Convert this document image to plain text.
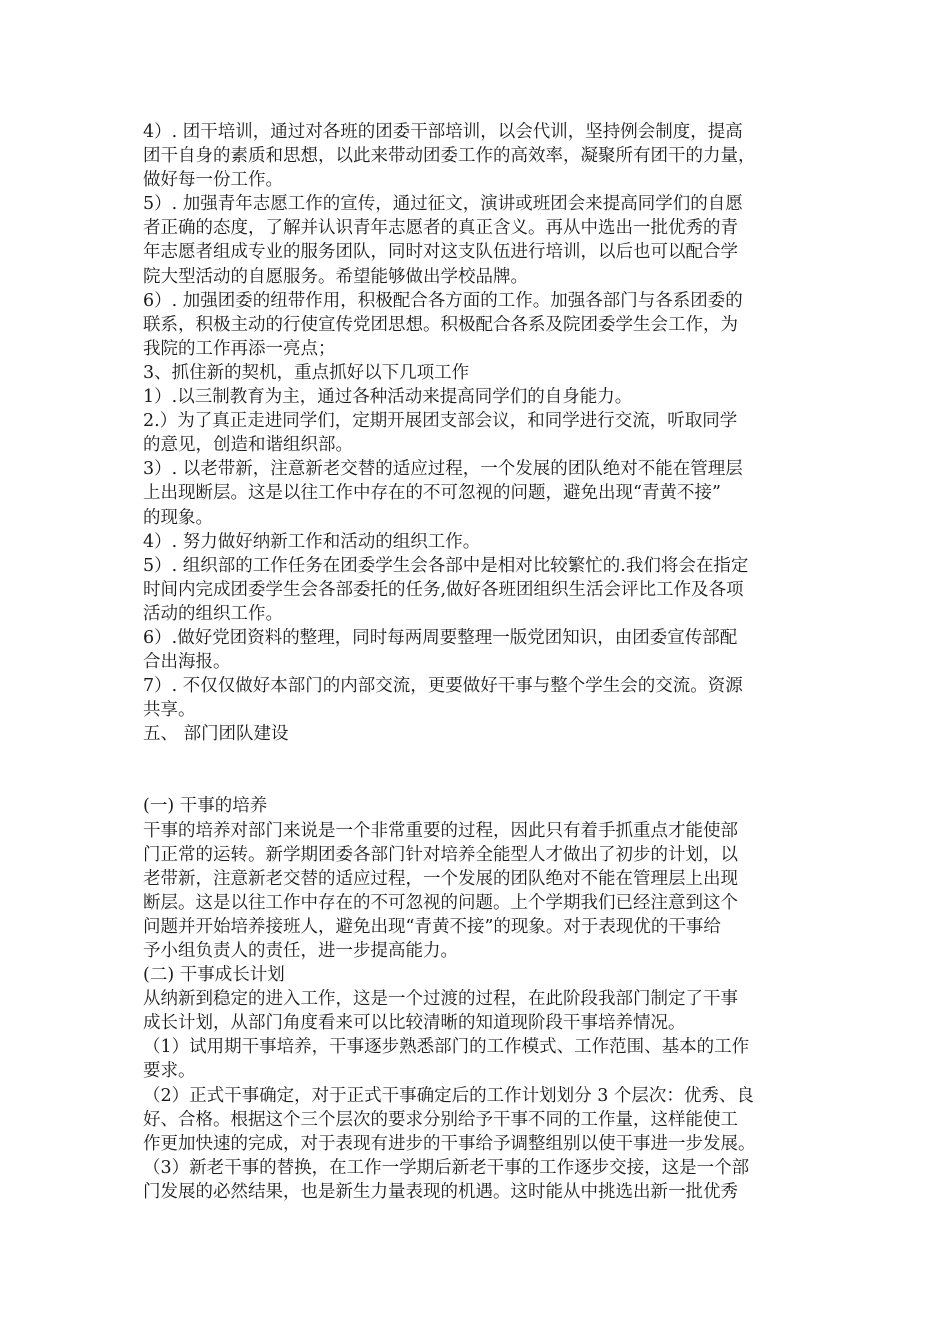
4）. 团干培训，通过对各班的团委干部培训，以会代训，坚持例会制度，提高
团干自身的素质和思想，以此来带动团委工作的高效率，凝聚所有团干的力量，
做好每一份工作。

5）. 加强青年志愿工作的宣传，通过征文，演讲或班团会来提高同学们的自愿
者正确的态度，了解并认识青年志愿者的真正含义。再从中选出一批优秀的青
年志愿者组成专业的服务团队，同时对这支队伍进行培训，以后也可以配合学
院大型活动的自愿服务。希望能够做出学校品牌。

6）. 加强团委的纽带作用，积极配合各方面的工作。加强各部门与各系团委的
联系，积极主动的行使宣传党团思想。积极配合各系及院团委学生会工作，为
我院的工作再添一亮点；

3、抓住新的契机，重点抓好以下几项工作

1）.以三制教育为主，通过各种活动来提高同学们的自身能力。

2.）为了真正走进同学们，定期开展团支部会议，和同学进行交流，听取同学
的意见，创造和谐组织部。

3）. 以老带新，注意新老交替的适应过程，一个发展的团队绝对不能在管理层
上出现断层。这是以往工作中存在的不可忽视的问题，避免出现“青黄不接”
的现象。

4）. 努力做好纳新工作和活动的组织工作。

5）. 组织部的工作任务在团委学生会各部中是相对比较繁忙的.我们将会在指定
时间内完成团委学生会各部委托的任务,做好各班团组织生活会评比工作及各项
活动的组织工作。

6）.做好党团资料的整理，同时每两周要整理一版党团知识，由团委宣传部配
合出海报。

7）. 不仅仅做好本部门的内部交流，更要做好干事与整个学生会的交流。资源
共享。

五、 部门团队建设

(一) 干事的培养

干事的培养对部门来说是一个非常重要的过程，因此只有着手抓重点才能使部
门正常的运转。新学期团委各部门针对培养全能型人才做出了初步的计划，以
老带新，注意新老交替的适应过程，一个发展的团队绝对不能在管理层上出现
断层。这是以往工作中存在的不可忽视的问题。上个学期我们已经注意到这个
问题并开始培养接班人，避免出现“青黄不接”的现象。对于表现优的干事给
予小组负责人的责任，进一步提高能力。

(二) 干事成长计划

从纳新到稳定的进入工作，这是一个过渡的过程，在此阶段我部门制定了干事
成长计划，从部门角度看来可以比较清晰的知道现阶段干事培养情况。

（1）试用期干事培养，干事逐步熟悉部门的工作模式、工作范围、基本的工作
要求。

（2）正式干事确定，对于正式干事确定后的工作计划划分 3 个层次：优秀、良
好、合格。根据这个三个层次的要求分别给予干事不同的工作量，这样能使工
作更加快速的完成，对于表现有进步的干事给予调整组别以使干事进一步发展。

（3）新老干事的替换，在工作一学期后新老干事的工作逐步交接，这是一个部
门发展的必然结果，也是新生力量表现的机遇。这时能从中挑选出新一批优秀
